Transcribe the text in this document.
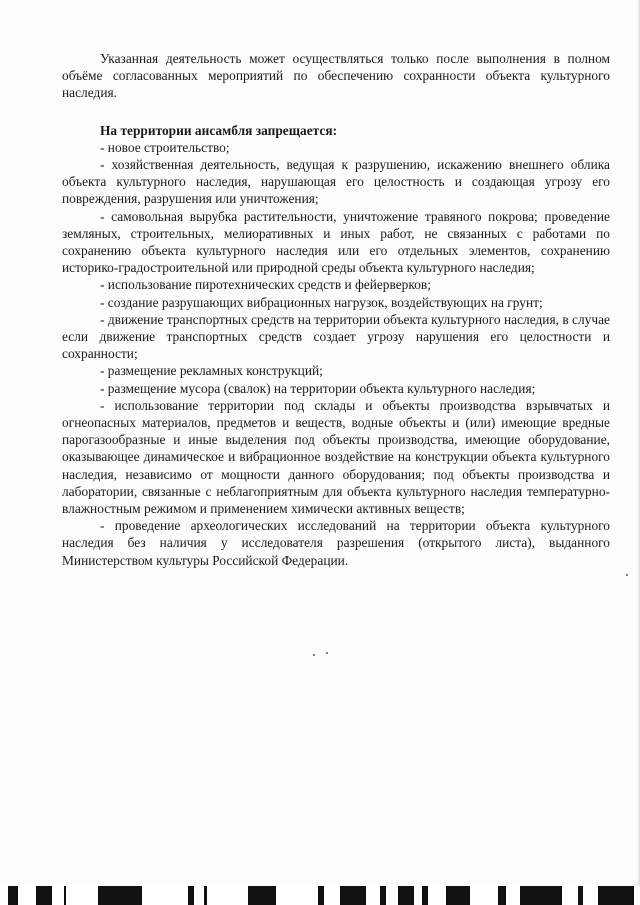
Указанная деятельность может осуществляться только после выполнения в полном объёме согласованных мероприятий по обеспечению сохранности объекта культурного наследия.

На территории ансамбля запрещается:

- новое строительство;

- хозяйственная деятельность, ведущая к разрушению, искажению внешнего облика объекта культурного наследия, нарушающая его целостность и создающая угрозу его повреждения, разрушения или уничтожения;

- самовольная вырубка растительности, уничтожение травяного покрова; проведение земляных, строительных, мелиоративных и иных работ, не связанных с работами по сохранению объекта культурного наследия или его отдельных элементов, сохранению историко-градостроительной или природной среды объекта культурного наследия;

- использование пиротехнических средств и фейерверков;

- создание разрушающих вибрационных нагрузок, воздействующих на грунт;

- движение транспортных средств на территории объекта культурного наследия, в случае если движение транспортных средств создает угрозу нарушения его целостности и сохранности;

- размещение рекламных конструкций;

- размещение мусора (свалок) на территории объекта культурного наследия;

- использование территории под склады и объекты производства взрывчатых и огнеопасных материалов, предметов и веществ, водные объекты и (или) имеющие вредные парогазообразные и иные выделения под объекты производства, имеющие оборудование, оказывающее динамическое и вибрационное воздействие на конструкции объекта культурного наследия, независимо от мощности данного оборудования; под объекты производства и лаборатории, связанные с неблагоприятным для объекта культурного наследия температурно-влажностным режимом и применением химически активных веществ;

- проведение археологических исследований на территории объекта культурного наследия без наличия у исследователя разрешения (открытого листа), выданного Министерством культуры Российской Федерации.
